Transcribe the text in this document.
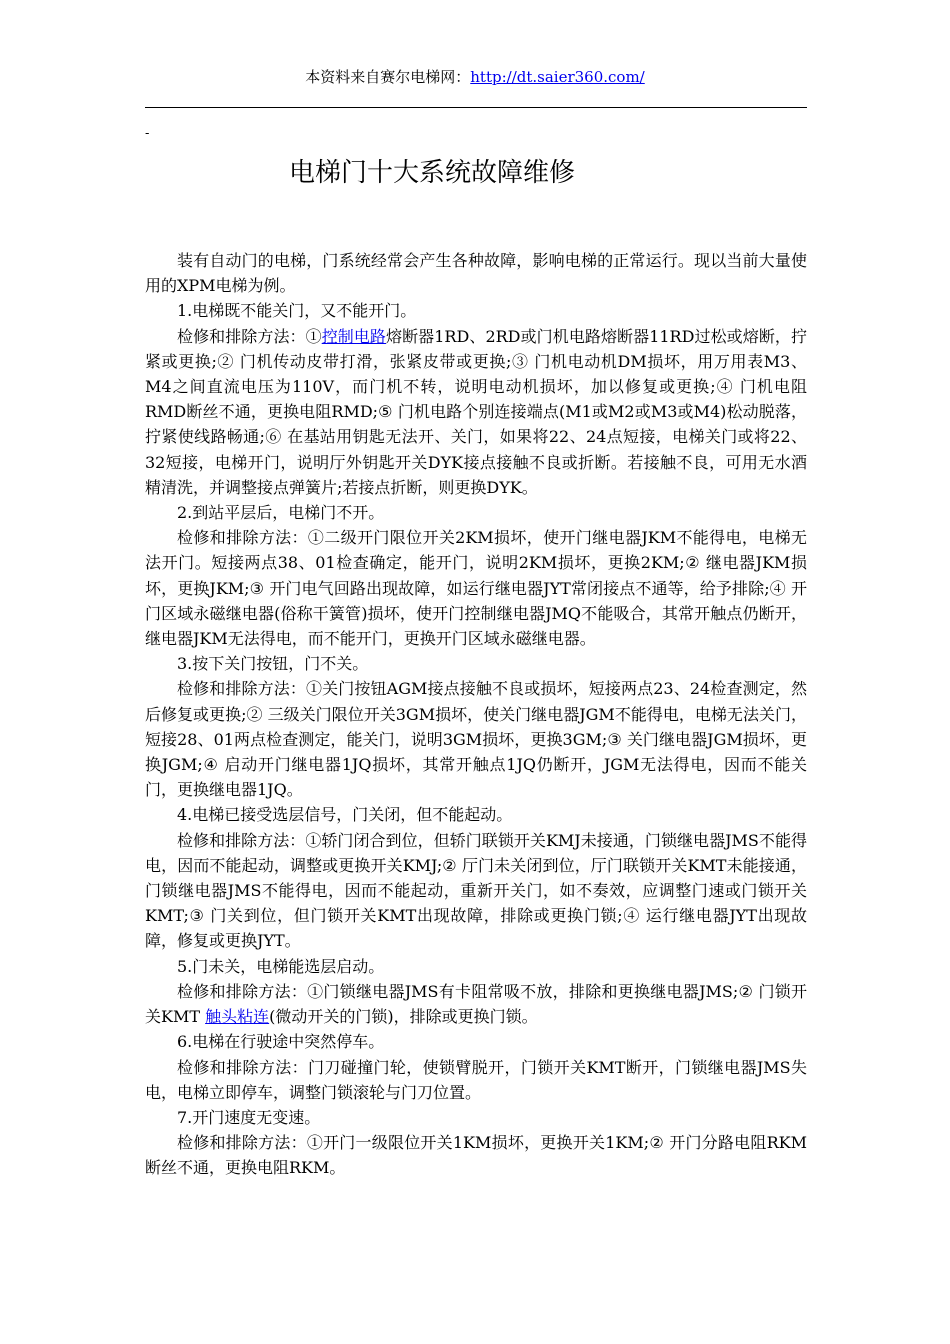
本资料来自赛尔电梯网：http://dt.saier360.com/
-
电梯门十大系统故障维修

装有自动门的电梯，门系统经常会产生各种故障，影响电梯的正常运行。现以当前大量使用的XPM电梯为例。

1.电梯既不能关门，又不能开门。

检修和排除方法：①控制电路熔断器1RD、2RD或门机电路熔断器11RD过松或熔断，拧紧或更换;② 门机传动皮带打滑，张紧皮带或更换;③ 门机电动机DM损坏，用万用表M3、M4之间直流电压为110V，而门机不转，说明电动机损坏，加以修复或更换;④ 门机电阻RMD断丝不通，更换电阻RMD;⑤ 门机电路个别连接端点(M1或M2或M3或M4)松动脱落，拧紧使线路畅通;⑥ 在基站用钥匙无法开、关门，如果将22、24点短接，电梯关门或将22、32短接，电梯开门，说明厅外钥匙开关DYK接点接触不良或折断。若接触不良，可用无水酒精清洗，并调整接点弹簧片;若接点折断，则更换DYK。

2.到站平层后，电梯门不开。

检修和排除方法：①二级开门限位开关2KM损坏，使开门继电器JKM不能得电，电梯无法开门。短接两点38、01检查确定，能开门，说明2KM损坏，更换2KM;② 继电器JKM损坏，更换JKM;③ 开门电气回路出现故障，如运行继电器JYT常闭接点不通等，给予排除;④ 开门区域永磁继电器(俗称干簧管)损坏，使开门控制继电器JMQ不能吸合，其常开触点仍断开，继电器JKM无法得电，而不能开门，更换开门区域永磁继电器。

3.按下关门按钮，门不关。

检修和排除方法：①关门按钮AGM接点接触不良或损坏，短接两点23、24检查测定，然后修复或更换;② 三级关门限位开关3GM损坏，使关门继电器JGM不能得电，电梯无法关门，短接28、01两点检查测定，能关门，说明3GM损坏，更换3GM;③ 关门继电器JGM损坏，更换JGM;④ 启动开门继电器1JQ损坏，其常开触点1JQ仍断开，JGM无法得电，因而不能关门，更换继电器1JQ。

4.电梯已接受选层信号，门关闭，但不能起动。

检修和排除方法：①轿门闭合到位，但轿门联锁开关KMJ未接通，门锁继电器JMS不能得电，因而不能起动，调整或更换开关KMJ;② 厅门未关闭到位，厅门联锁开关KMT未能接通，门锁继电器JMS不能得电，因而不能起动，重新开关门，如不奏效，应调整门速或门锁开关KMT;③ 门关到位，但门锁开关KMT出现故障，排除或更换门锁;④ 运行继电器JYT出现故障，修复或更换JYT。

5.门未关，电梯能选层启动。

检修和排除方法：①门锁继电器JMS有卡阻常吸不放，排除和更换继电器JMS;② 门锁开关KMT 触头粘连(微动开关的门锁)，排除或更换门锁。

6.电梯在行驶途中突然停车。

检修和排除方法：门刀碰撞门轮，使锁臂脱开，门锁开关KMT断开，门锁继电器JMS失电，电梯立即停车，调整门锁滚轮与门刀位置。

7.开门速度无变速。

检修和排除方法：①开门一级限位开关1KM损坏，更换开关1KM;② 开门分路电阻RKM断丝不通，更换电阻RKM。
